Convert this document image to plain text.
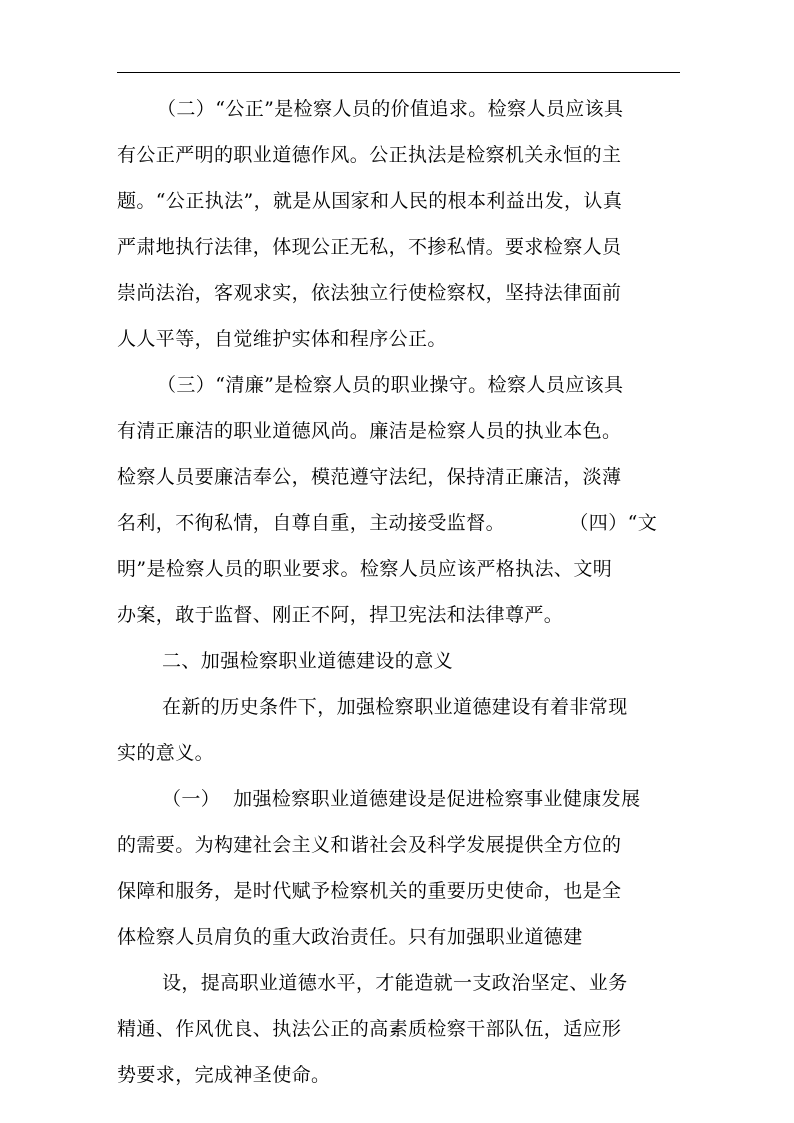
（二）“公正”是检察人员的价值追求。检察人员应该具
有公正严明的职业道德作风。公正执法是检察机关永恒的主
题。“公正执法”，就是从国家和人民的根本利益出发，认真
严肃地执行法律，体现公正无私，不掺私情。要求检察人员
崇尚法治，客观求实，依法独立行使检察权，坚持法律面前
人人平等，自觉维护实体和程序公正。
（三）“清廉”是检察人员的职业操守。检察人员应该具
有清正廉洁的职业道德风尚。廉洁是检察人员的执业本色。
检察人员要廉洁奉公，模范遵守法纪，保持清正廉洁，淡薄
名利，不徇私情，自尊自重，主动接受监督。          （四）“文
明”是检察人员的职业要求。检察人员应该严格执法、文明
办案，敢于监督、刚正不阿，捍卫宪法和法律尊严。
二、加强检察职业道德建设的意义
在新的历史条件下，加强检察职业道德建设有着非常现
实的意义。
（一）  加强检察职业道德建设是促进检察事业健康发展
的需要。为构建社会主义和谐社会及科学发展提供全方位的
保障和服务，是时代赋予检察机关的重要历史使命，也是全
体检察人员肩负的重大政治责任。只有加强职业道德建
设，提高职业道德水平，才能造就一支政治坚定、业务
精通、作风优良、执法公正的高素质检察干部队伍，适应形
势要求，完成神圣使命。
